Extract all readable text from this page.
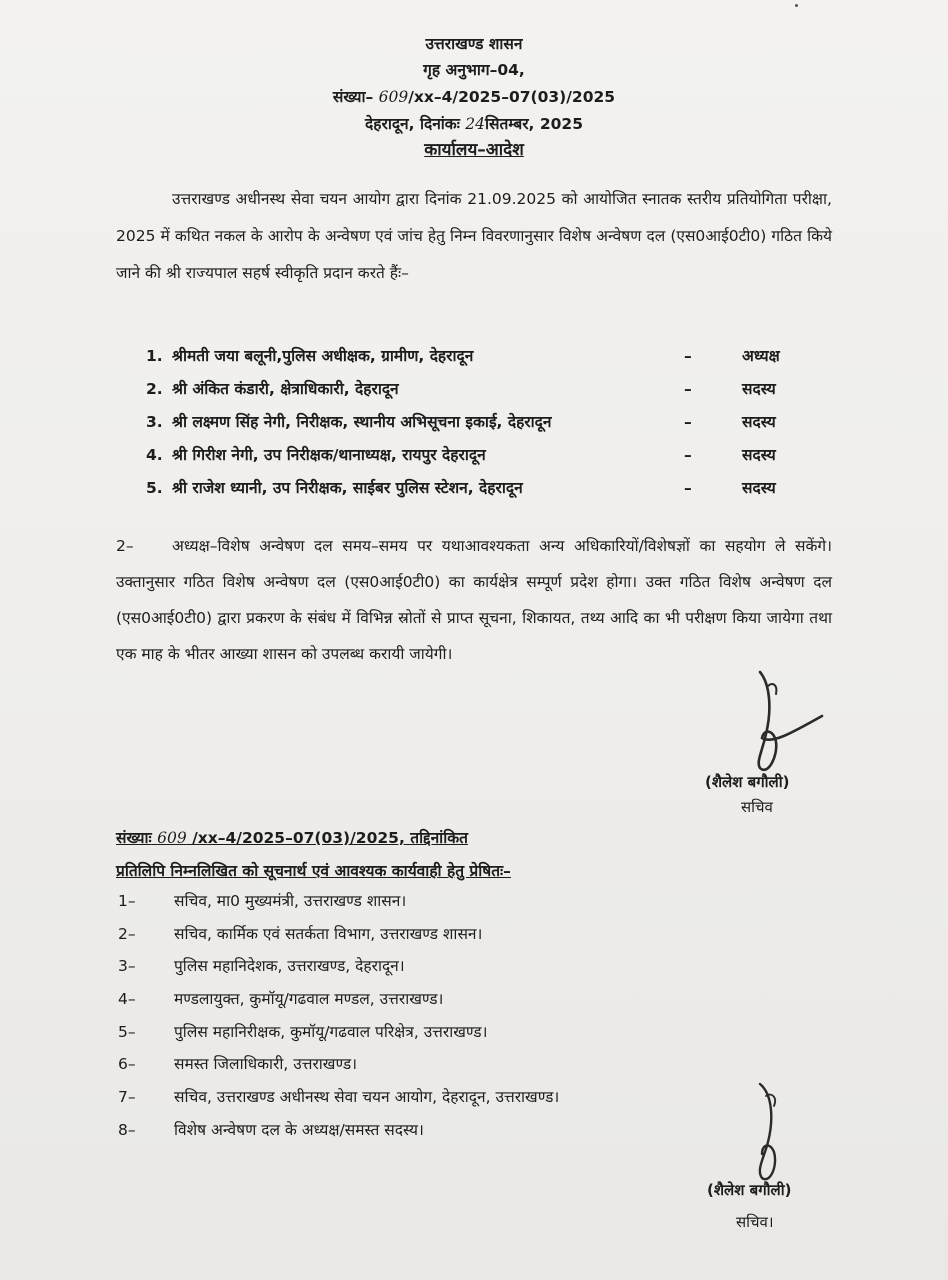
उत्तराखण्ड शासन
गृह अनुभाग–04,
संख्या– 609/xx–4/2025–07(03)/2025
देहरादून, दिनांकः 24सितम्बर, 2025
कार्यालय–आदेश
उत्तराखण्ड अधीनस्थ सेवा चयन आयोग द्वारा दिनांक 21.09.2025 को आयोजित स्नातक स्तरीय प्रतियोगिता परीक्षा, 2025 में कथित नकल के आरोप के अन्वेषण एवं जांच हेतु निम्न विवरणानुसार विशेष अन्वेषण दल (एस0आई0टी0) गठित किये जाने की श्री राज्यपाल सहर्ष स्वीकृति प्रदान करते हैंः–
1. श्रीमती जया बलूनी,पुलिस अधीक्षक, ग्रामीण, देहरादून	–	अध्यक्ष
2. श्री अंकित कंडारी, क्षेत्राधिकारी, देहरादून	–	सदस्य
3. श्री लक्ष्मण सिंह नेगी, निरीक्षक, स्थानीय अभिसूचना इकाई, देहरादून	–	सदस्य
4. श्री गिरीश नेगी, उप निरीक्षक/थानाध्यक्ष, रायपुर देहरादून	–	सदस्य
5. श्री राजेश ध्यानी, उप निरीक्षक, साईबर पुलिस स्टेशन, देहरादून	–	सदस्य
2– अध्यक्ष–विशेष अन्वेषण दल समय–समय पर यथाआवश्यकता अन्य अधिकारियों/विशेषज्ञों का सहयोग ले सकेंगे। उक्तानुसार गठित विशेष अन्वेषण दल (एस0आई0टी0) का कार्यक्षेत्र सम्पूर्ण प्रदेश होगा। उक्त गठित विशेष अन्वेषण दल (एस0आई0टी0) द्वारा प्रकरण के संबंध में विभिन्न स्रोतों से प्राप्त सूचना, शिकायत, तथ्य आदि का भी परीक्षण किया जायेगा तथा एक माह के भीतर आख्या शासन को उपलब्ध करायी जायेगी।
(शैलेश बगौली)
सचिव
संख्याः 609 /xx–4/2025–07(03)/2025, तद्दिनांकित
प्रतिलिपि निम्नलिखित को सूचनार्थ एवं आवश्यक कार्यवाही हेतु प्रेषितः–
1– सचिव, मा0 मुख्यमंत्री, उत्तराखण्ड शासन।
2– सचिव, कार्मिक एवं सतर्कता विभाग, उत्तराखण्ड शासन।
3– पुलिस महानिदेशक, उत्तराखण्ड, देहरादून।
4– मण्डलायुक्त, कुमॉयू/गढवाल मण्डल, उत्तराखण्ड।
5– पुलिस महानिरीक्षक, कुमॉयू/गढवाल परिक्षेत्र, उत्तराखण्ड।
6– समस्त जिलाधिकारी, उत्तराखण्ड।
7– सचिव, उत्तराखण्ड अधीनस्थ सेवा चयन आयोग, देहरादून, उत्तराखण्ड।
8– विशेष अन्वेषण दल के अध्यक्ष/समस्त सदस्य।
(शैलेश बगौली)
सचिव।
